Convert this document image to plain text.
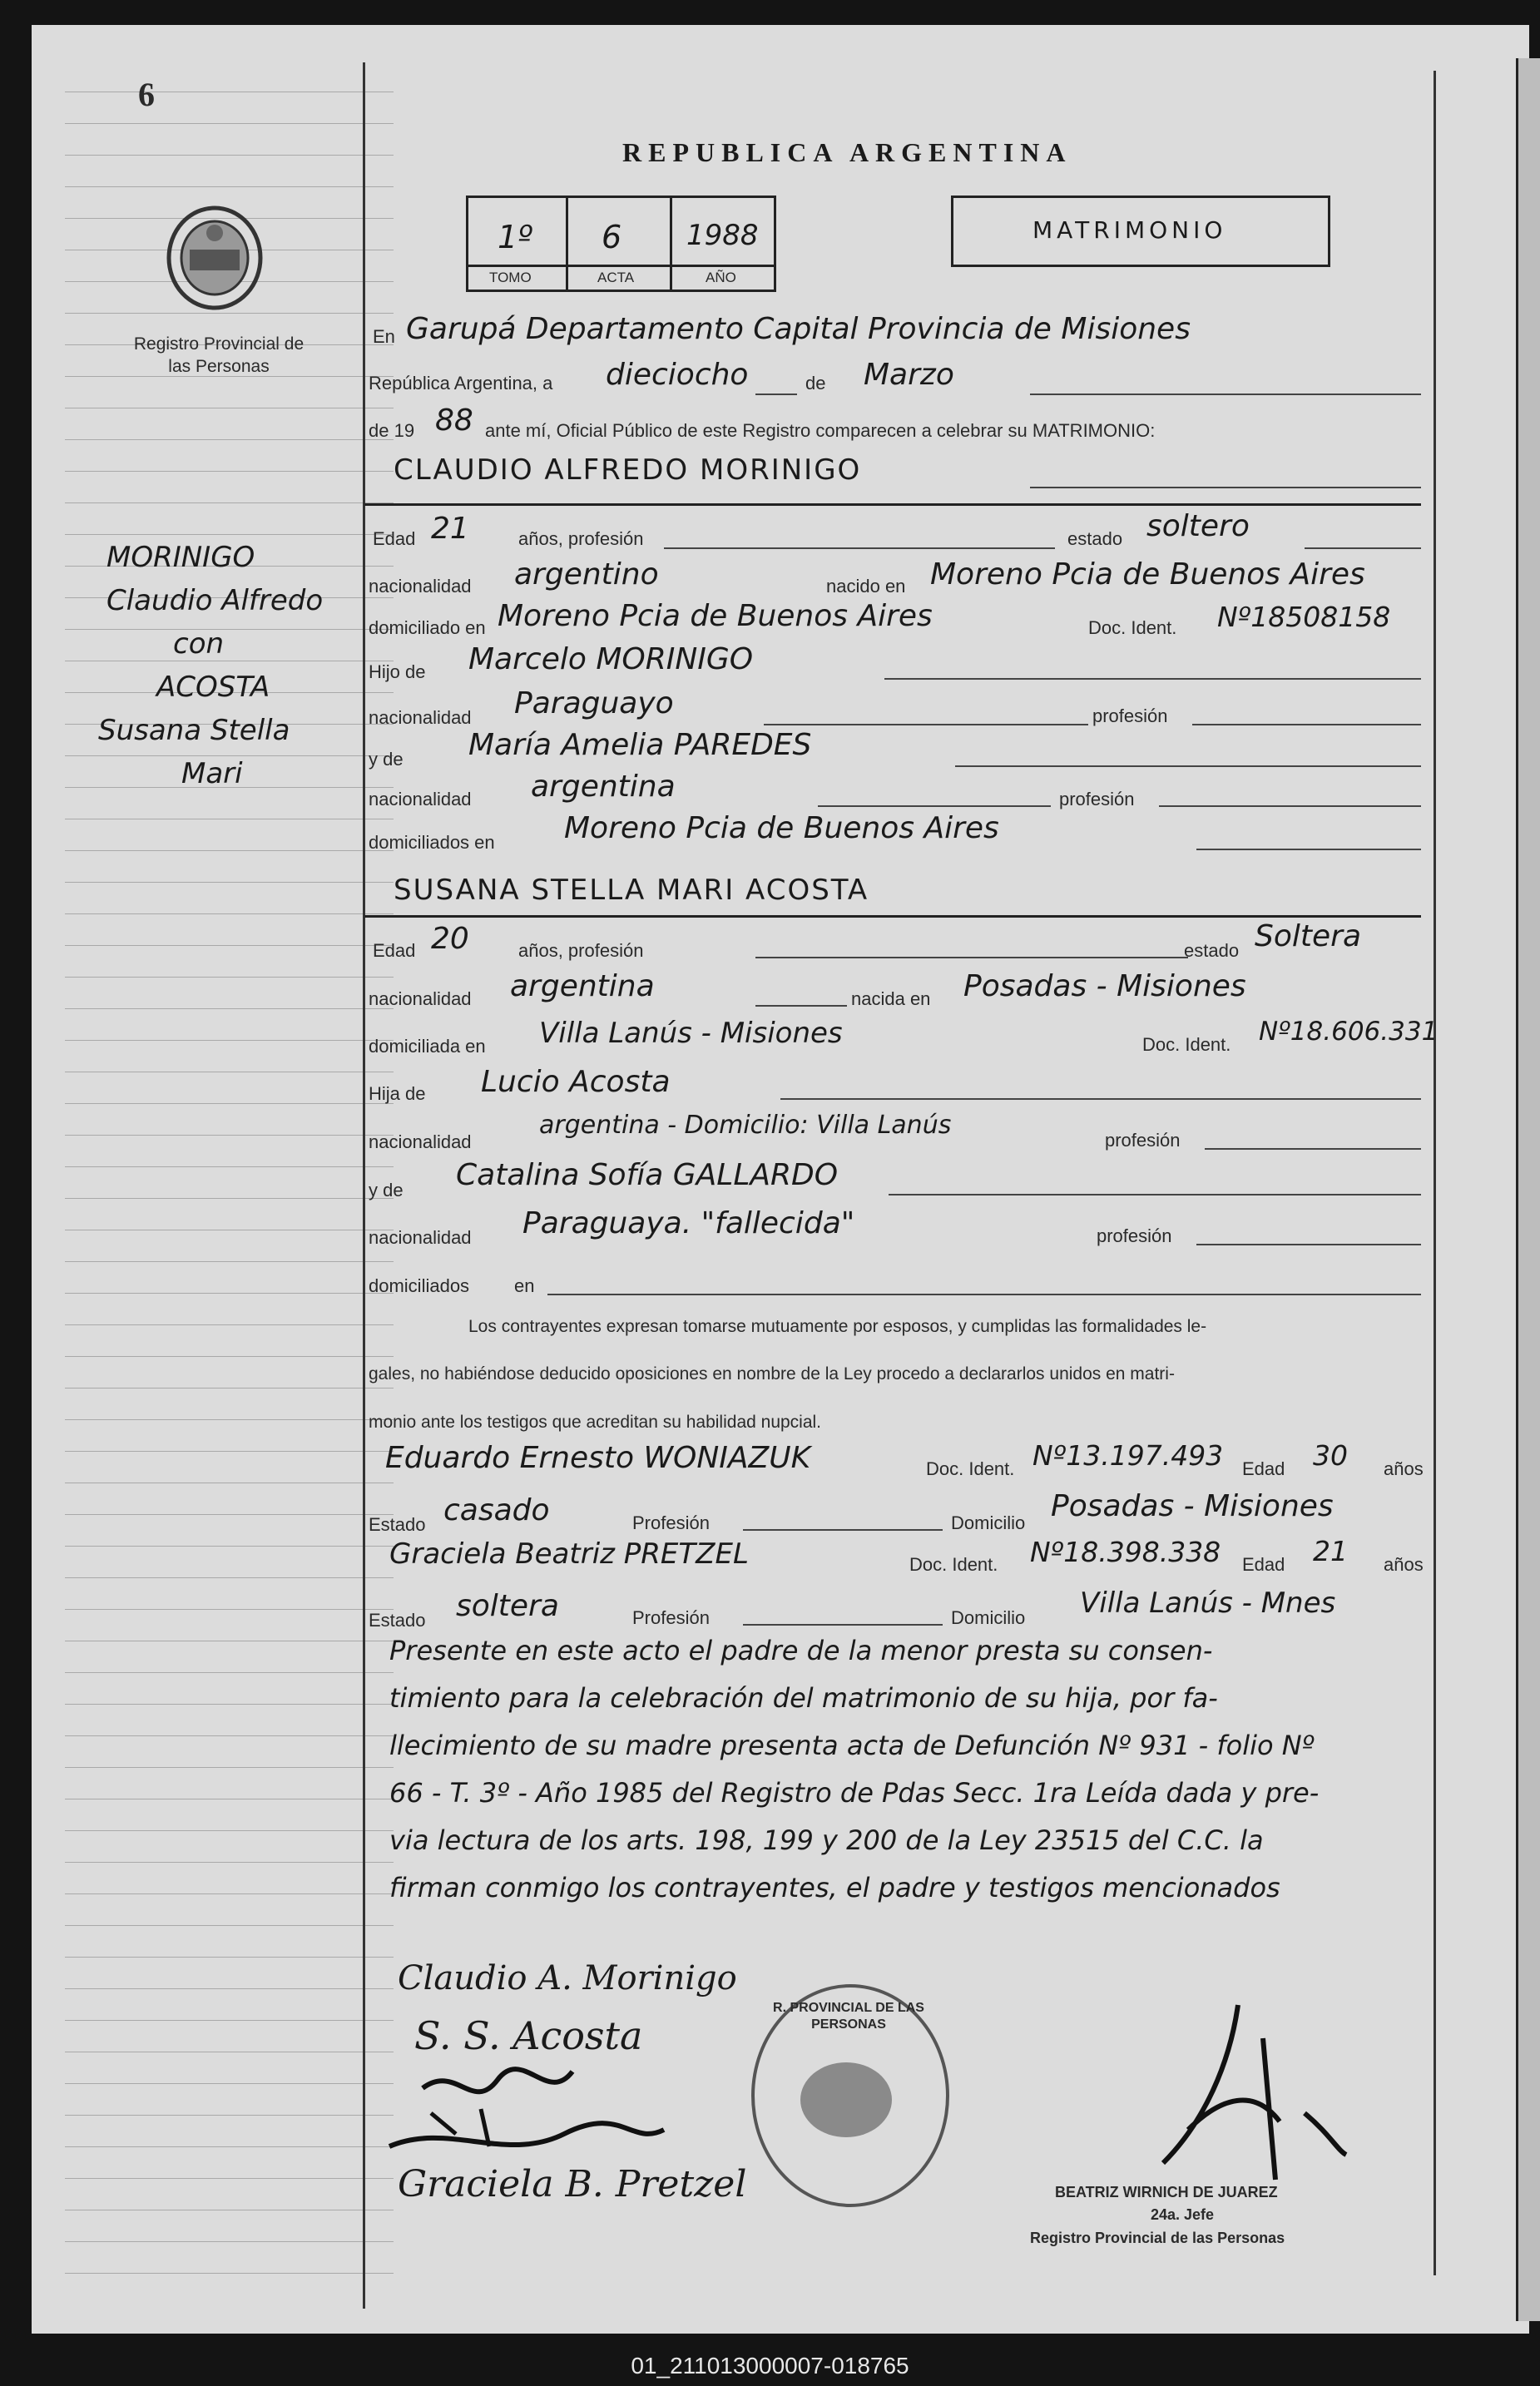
6
Registro Provincial de las Personas
MORINIGO
Claudio Alfredo
con
ACOSTA
Susana Stella
Mari
REPUBLICA ARGENTINA
1º 6 1988
TOMO	ACTA	AÑO
MATRIMONIO
En Garupá Departamento Capital Provincia de Misiones
República Argentina, a dieciocho	de Marzo
de 19 88 ante mí, Oficial Público de este Registro comparecen a celebrar su MATRIMONIO:
CLAUDIO ALFREDO MORINIGO
Edad 21	años, profesión	estado soltero
nacionalidad argentino	nacido en Moreno Pcia de Buenos Aires
domiciliado en Moreno Pcia de Buenos Aires	Doc. Ident. Nº18508158
Hijo de Marcelo MORINIGO
nacionalidad Paraguayo	profesión
y de María Amelia PAREDES
nacionalidad argentina	profesión
domiciliados en Moreno Pcia de Buenos Aires
SUSANA STELLA MARI ACOSTA
Edad 20	años, profesión	estado Soltera
nacionalidad argentina	nacida en Posadas - Misiones
domiciliada en Villa Lanús - Misiones	Doc. Ident. Nº18.606.331
Hija de Lucio Acosta
nacionalidad
argentina - Domicilio: Villa Lanús
profesión
y de Catalina Sofía GALLARDO
nacionalidad Paraguaya. "fallecida"	profesión
domiciliados en
Los contrayentes expresan tomarse mutuamente por esposos, y cumplidas las formalidades le-
gales, no habiéndose deducido oposiciones en nombre de la Ley procedo a declararlos unidos en matri-
monio ante los testigos que acreditan su habilidad nupcial.
Eduardo Ernesto WONIAZUK	Doc. Ident. Nº13.197.493 Edad 30 años
Estado casado	Profesión	Domicilio Posadas - Misiones
Graciela Beatriz PRETZEL	Doc. Ident. Nº18.398.338 Edad 21 años
Estado soltera	Profesión	Domicilio Villa Lanús - Mnes
Presente en este acto el padre de la menor presta su consen-
timiento para la celebración del matrimonio de su hija, por fa-
llecimiento de su madre presenta acta de Defunción Nº 931 - folio Nº
66 - T. 3º - Año 1985 del Registro de Pdas Secc. 1ra Leída dada y pre-
via lectura de los arts. 198, 199 y 200 de la Ley 23515 del C.C. la
firman conmigo los contrayentes, el padre y testigos mencionados
Claudio A. Morinigo
S. S. Acosta
Graciela B. Pretzel
R. PROVINCIAL DE LAS PERSONAS
BEATRIZ WIRNICH DE JUAREZ
24a. Jefe
Registro Provincial de las Personas
01_211013000007-018765
